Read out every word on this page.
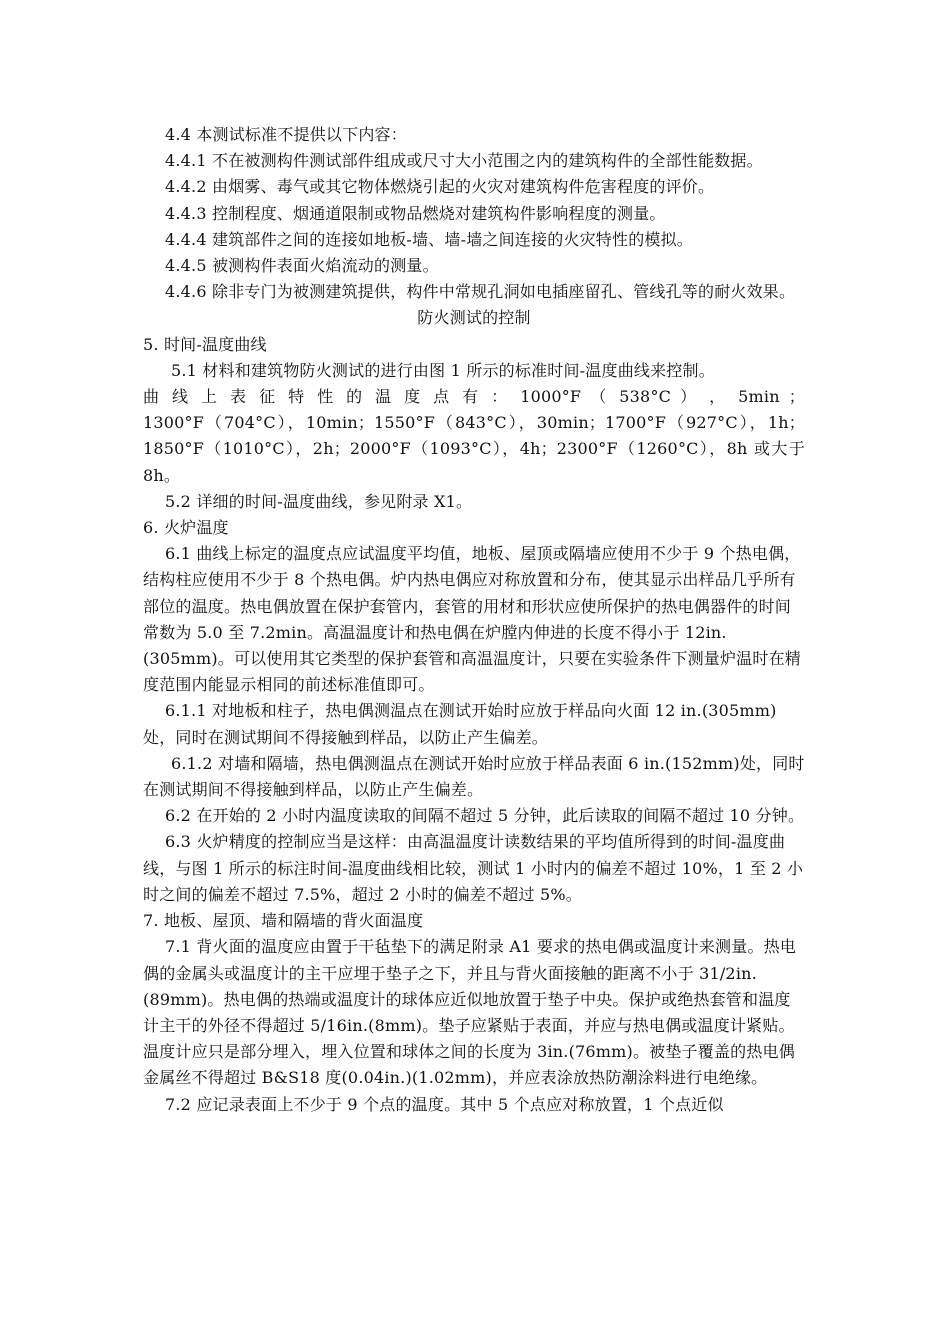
4.4 本测试标准不提供以下内容：

4.4.1 不在被测构件测试部件组成或尺寸大小范围之内的建筑构件的全部性能数据。

4.4.2 由烟雾、毒气或其它物体燃烧引起的火灾对建筑构件危害程度的评价。

4.4.3 控制程度、烟通道限制或物品燃烧对建筑构件影响程度的测量。

4.4.4 建筑部件之间的连接如地板-墙、墙-墙之间连接的火灾特性的模拟。

4.4.5 被测构件表面火焰流动的测量。

4.4.6 除非专门为被测建筑提供，构件中常规孔洞如电插座留孔、管线孔等的耐火效果。

防火测试的控制

5. 时间-温度曲线

5.1 材料和建筑物防火测试的进行由图 1 所示的标准时间-温度曲线来控制。

曲 线 上 表 征 特 性 的 温 度 点 有 ： 1000°F （ 538°C ） ， 5min ；

1300°F（704°C），10min；1550°F（843°C），30min；1700°F（927°C），1h；

1850°F（1010°C），2h；2000°F（1093°C），4h；2300°F（1260°C），8h 或大于

8h。

5.2 详细的时间-温度曲线，参见附录 X1。

6. 火炉温度

6.1 曲线上标定的温度点应试温度平均值，地板、屋顶或隔墙应使用不少于 9 个热电偶，结构柱应使用不少于 8 个热电偶。炉内热电偶应对称放置和分布，使其显示出样品几乎所有部位的温度。热电偶放置在保护套管内，套管的用材和形状应使所保护的热电偶器件的时间常数为 5.0 至 7.2min。高温温度计和热电偶在炉膛内伸进的长度不得小于 12in.(305mm)。可以使用其它类型的保护套管和高温温度计，只要在实验条件下测量炉温时在精度范围内能显示相同的前述标准值即可。

6.1.1 对地板和柱子，热电偶测温点在测试开始时应放于样品向火面 12 in.(305mm)处，同时在测试期间不得接触到样品，以防止产生偏差。

6.1.2 对墙和隔墙，热电偶测温点在测试开始时应放于样品表面 6 in.(152mm)处，同时在测试期间不得接触到样品，以防止产生偏差。

6.2 在开始的 2 小时内温度读取的间隔不超过 5 分钟，此后读取的间隔不超过 10 分钟。

6.3 火炉精度的控制应当是这样：由高温温度计读数结果的平均值所得到的时间-温度曲线，与图 1 所示的标注时间-温度曲线相比较，测试 1 小时内的偏差不超过 10%，1 至 2 小时之间的偏差不超过 7.5%，超过 2 小时的偏差不超过 5%。

7. 地板、屋顶、墙和隔墙的背火面温度

7.1 背火面的温度应由置于干毡垫下的满足附录 A1 要求的热电偶或温度计来测量。热电偶的金属头或温度计的主干应埋于垫子之下，并且与背火面接触的距离不小于 31/2in.(89mm)。热电偶的热端或温度计的球体应近似地放置于垫子中央。保护或绝热套管和温度计主干的外径不得超过 5/16in.(8mm)。垫子应紧贴于表面，并应与热电偶或温度计紧贴。温度计应只是部分埋入，埋入位置和球体之间的长度为 3in.(76mm)。被垫子覆盖的热电偶金属丝不得超过 B&S18 度(0.04in.)(1.02mm)，并应表涂放热防潮涂料进行电绝缘。

7.2 应记录表面上不少于 9 个点的温度。其中 5 个点应对称放置，1 个点近似
